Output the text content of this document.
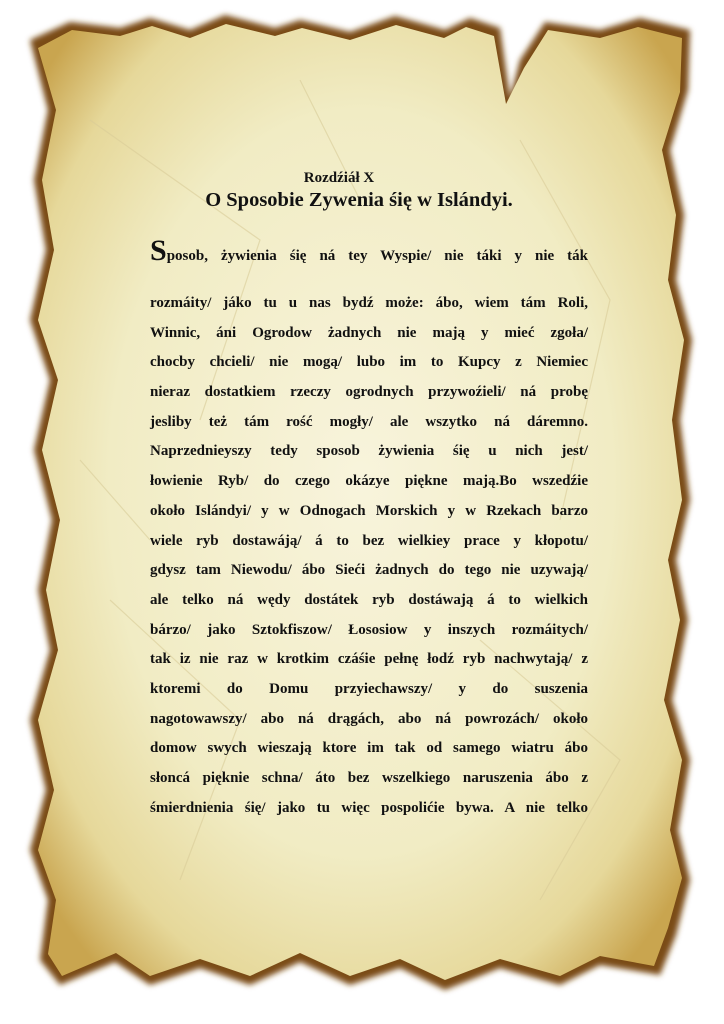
Rozdźiáł X
O Sposobie Zywenia śię w Islándyi.
Sposob, żywienia śię ná tey Wyspie/ nie táki y nie ták
rozmáity/ jáko tu u nas bydź może: ábo, wiem tám Roli,
Winnic, áni Ogrodow żadnych nie mają y mieć zgoła/
chocby chcieli/ nie mogą/ lubo im to Kupcy z Niemiec
nieraz dostatkiem rzeczy ogrodnych przywoźieli/ ná probę
jesliby też tám rość mogły/ ale wszytko ná dáremno.
Naprzednieyszy tedy sposob żywienia śię u nich jest/
łowienie Ryb/ do czego okázye piękne mają.Bo wszedźie
około Islándyi/ y w Odnogach Morskich y w Rzekach barzo
wiele ryb dostawáją/ á to bez wielkiey prace y kłopotu/
gdysz tam Niewodu/ ábo Sieći żadnych do tego nie uzywają/
ale telko ná wędy dostátek ryb dostáwają á to wielkich
bárzo/ jako Sztokfiszow/ Łososiow y inszych rozmáitych/
tak iz nie raz w krotkim czáśie pełnę łodź ryb nachwytają/ z
ktoremi do Domu przyiechawszy/ y do suszenia
nagotowawszy/ abo ná drągách, abo ná powrozách/ około
domow swych wieszają ktore im tak od samego wiatru ábo
słoncá pięknie schna/ áto bez wszelkiego naruszenia ábo z
śmierdnienia śię/ jako tu więc pospolićie bywa. A nie telko
